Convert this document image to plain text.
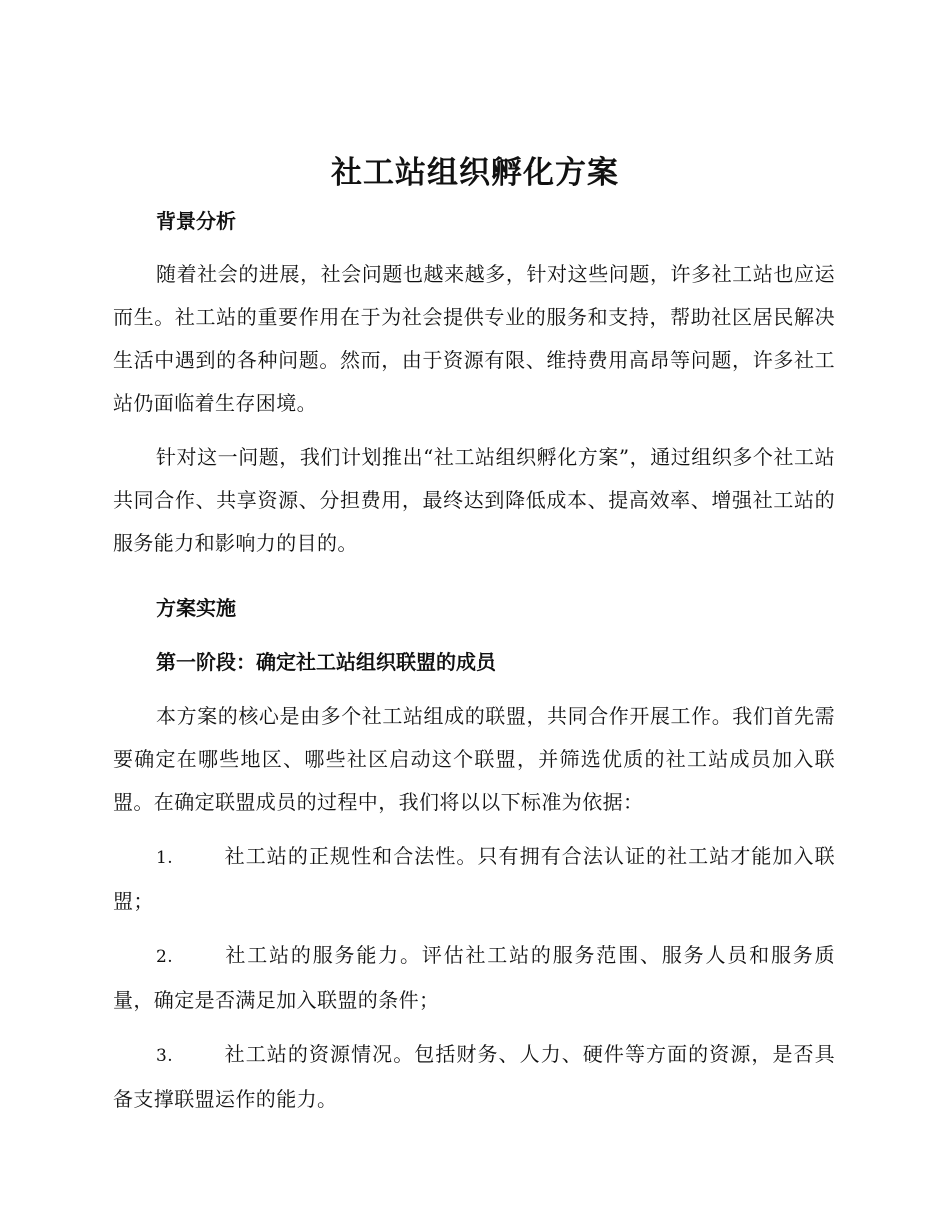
社工站组织孵化方案
背景分析

随着社会的进展，社会问题也越来越多，针对这些问题，许多社工站也应运而生。社工站的重要作用在于为社会提供专业的服务和支持，帮助社区居民解决生活中遇到的各种问题。然而，由于资源有限、维持费用高昂等问题，许多社工站仍面临着生存困境。

针对这一问题，我们计划推出“社工站组织孵化方案”，通过组织多个社工站共同合作、共享资源、分担费用，最终达到降低成本、提高效率、增强社工站的服务能力和影响力的目的。

方案实施
第一阶段：确定社工站组织联盟的成员

本方案的核心是由多个社工站组成的联盟，共同合作开展工作。我们首先需要确定在哪些地区、哪些社区启动这个联盟，并筛选优质的社工站成员加入联盟。在确定联盟成员的过程中，我们将以以下标准为依据：

1.	社工站的正规性和合法性。只有拥有合法认证的社工站才能加入联盟；

2.	社工站的服务能力。评估社工站的服务范围、服务人员和服务质量，确定是否满足加入联盟的条件；

3.	社工站的资源情况。包括财务、人力、硬件等方面的资源，是否具备支撑联盟运作的能力。
